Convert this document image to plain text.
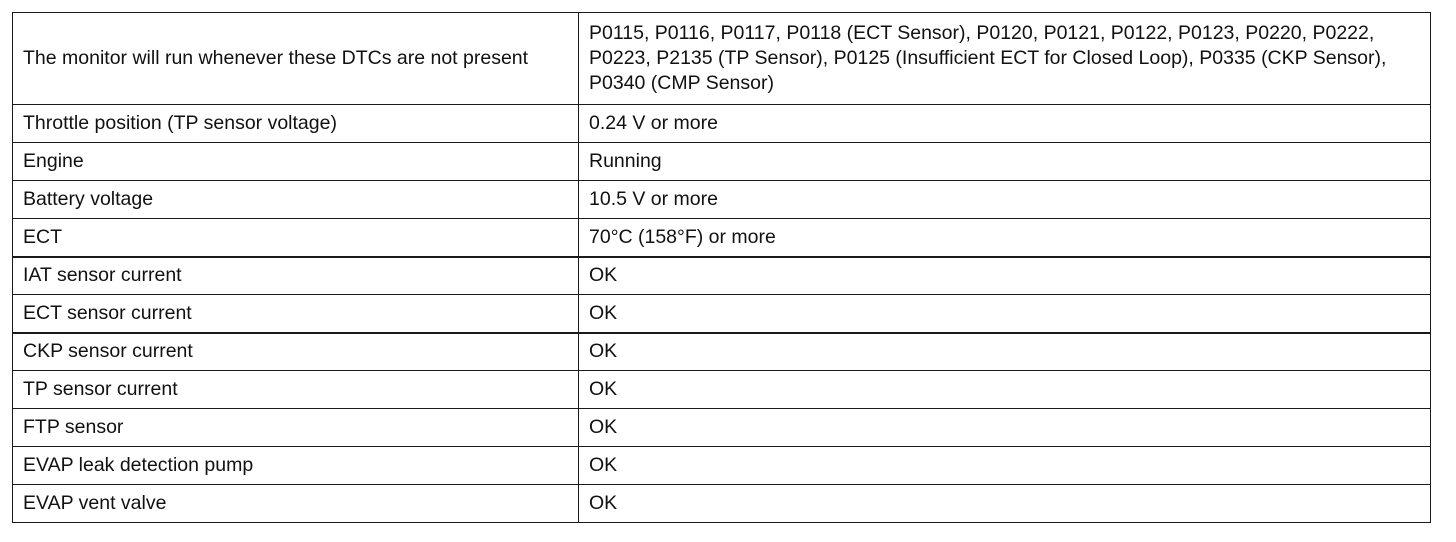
The monitor will run whenever these DTCs are not present	P0115, P0116, P0117, P0118 (ECT Sensor), P0120, P0121, P0122, P0123, P0220, P0222, P0223, P2135 (TP Sensor), P0125 (Insufficient ECT for Closed Loop), P0335 (CKP Sensor), P0340 (CMP Sensor)
Throttle position (TP sensor voltage)	0.24 V or more
Engine	Running
Battery voltage	10.5 V or more
ECT	70°C (158°F) or more
IAT sensor current	OK
ECT sensor current	OK
CKP sensor current	OK
TP sensor current	OK
FTP sensor	OK
EVAP leak detection pump	OK
EVAP vent valve	OK
